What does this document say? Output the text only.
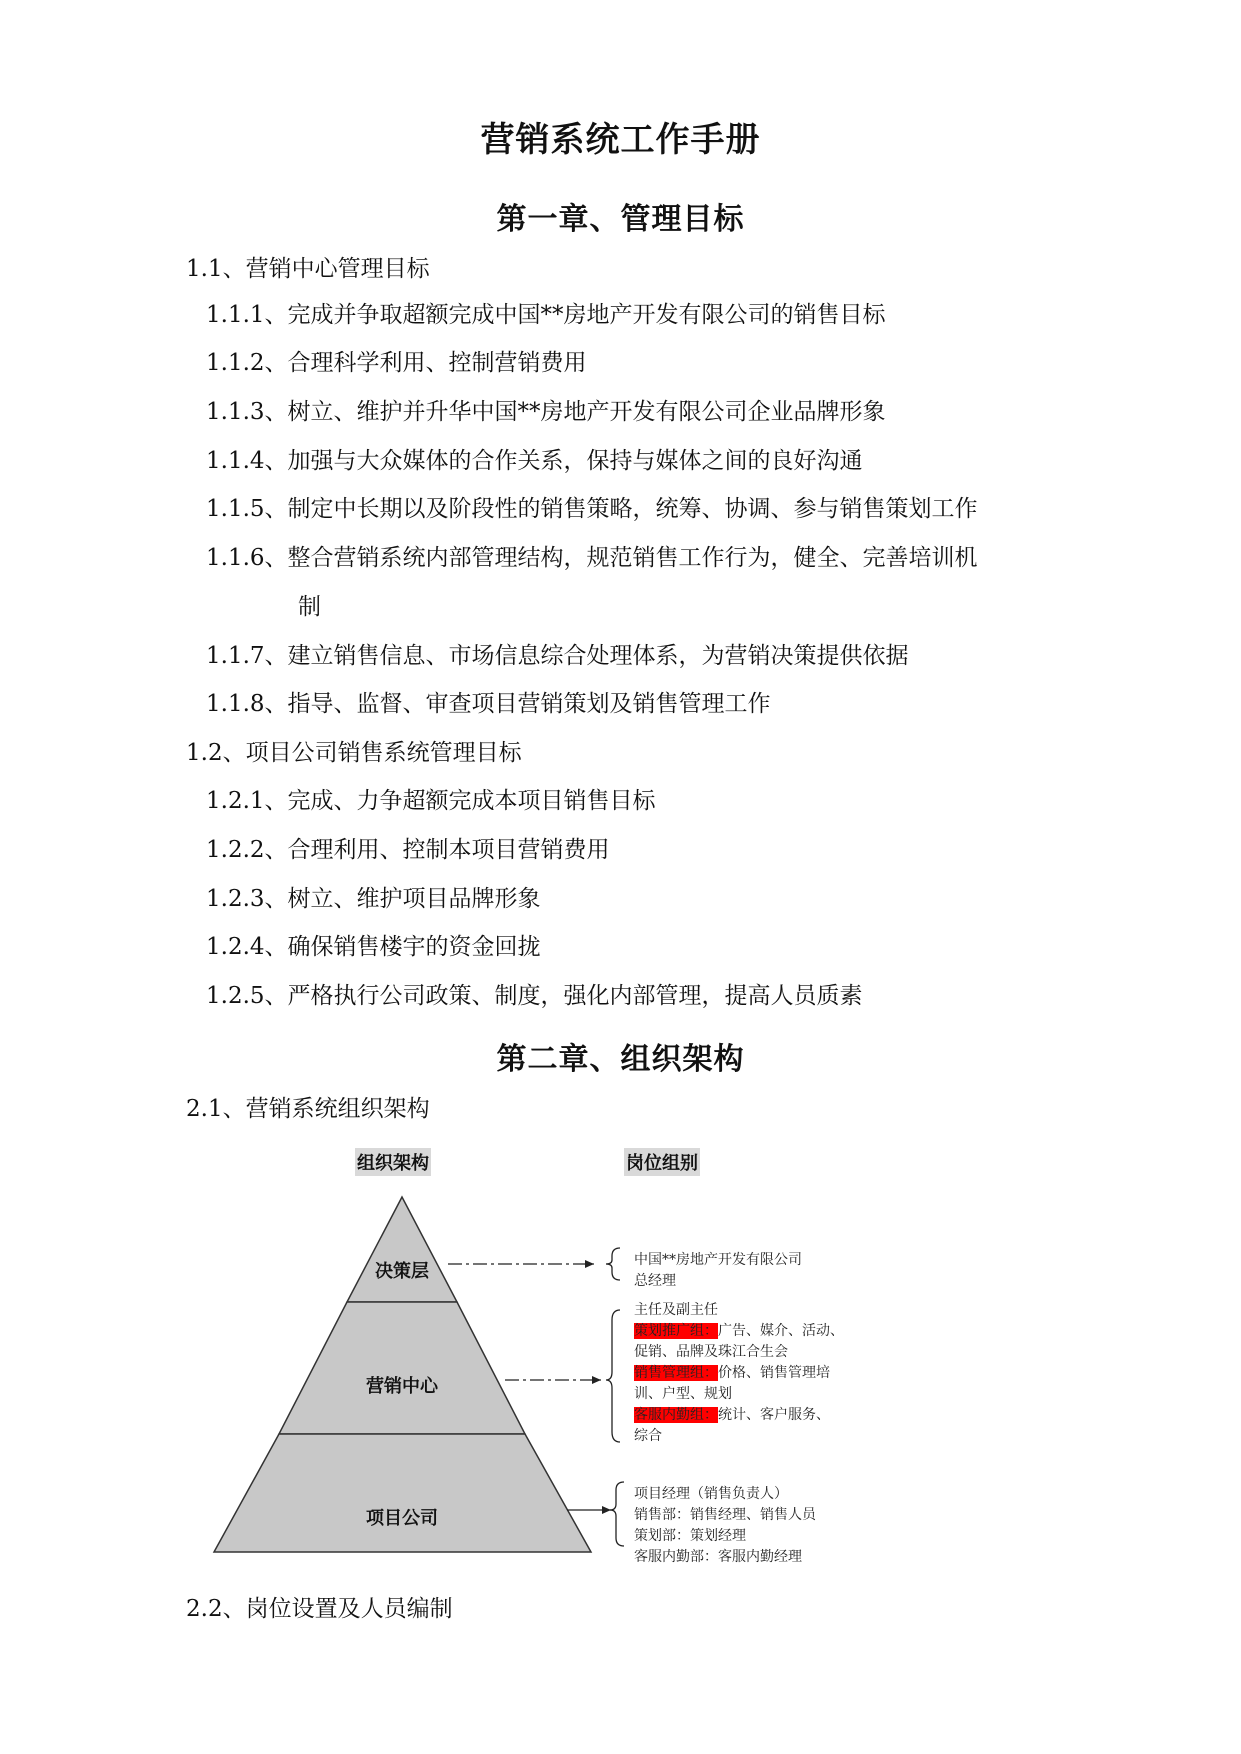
营销系统工作手册
第一章、管理目标
1.1、营销中心管理目标
1.1.1、完成并争取超额完成中国**房地产开发有限公司的销售目标
1.1.2、合理科学利用、控制营销费用
1.1.3、树立、维护并升华中国**房地产开发有限公司企业品牌形象
1.1.4、加强与大众媒体的合作关系，保持与媒体之间的良好沟通
1.1.5、制定中长期以及阶段性的销售策略，统筹、协调、参与销售策划工作
1.1.6、整合营销系统内部管理结构，规范销售工作行为，健全、完善培训机
制
1.1.7、建立销售信息、市场信息综合处理体系，为营销决策提供依据
1.1.8、指导、监督、审查项目营销策划及销售管理工作
1.2、项目公司销售系统管理目标
1.2.1、完成、力争超额完成本项目销售目标
1.2.2、合理利用、控制本项目营销费用
1.2.3、树立、维护项目品牌形象
1.2.4、确保销售楼宇的资金回拢
1.2.5、严格执行公司政策、制度，强化内部管理，提高人员质素
第二章、组织架构
2.1、营销系统组织架构
组织架构	岗位组别
决策层
营销中心
项目公司
中国**房地产开发有限公司
总经理
主任及副主任
策划推广组：广告、媒介、活动、
促销、品牌及珠江合生会
销售管理组：价格、销售管理培
训、户型、规划
客服内勤组：统计、客户服务、
综合
项目经理（销售负责人）
销售部：销售经理、销售人员
策划部：策划经理
客服内勤部：客服内勤经理
2.2、岗位设置及人员编制
